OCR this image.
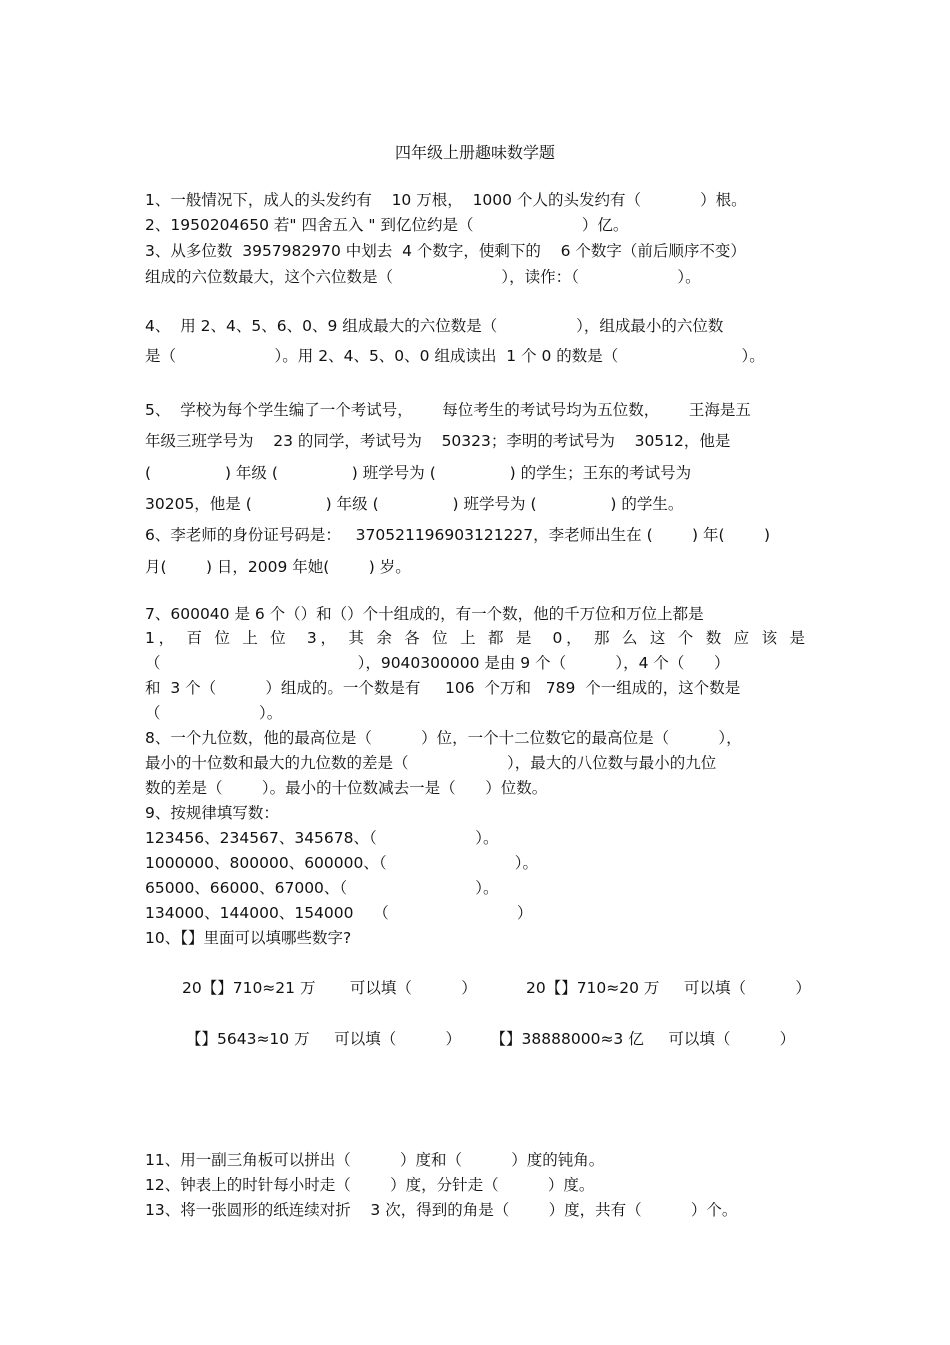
四年级上册趣味数学题
1、一般情况下，成人的头发约有    10 万根，  1000 个人的头发约有（            ）根。
2、1950204650 若" 四舍五入 " 到亿位约是（                      ）亿。
3、从多位数  3957982970 中划去  4 个数字，使剩下的    6 个数字（前后顺序不变）
组成的六位数最大，这个六位数是（                      ），读作：（                    ）。
4、  用 2、4、5、6、0、9 组成最大的六位数是（                ），组成最小的六位数
是（                    ）。用 2、4、5、0、0 组成读出  1 个 0 的数是（                         ）。
5、  学校为每个学生编了一个考试号，      每位考生的考试号均为五位数，      王海是五
年级三班学号为    23 的同学，考试号为    50323；李明的考试号为    30512，他是
(               ) 年级 (               ) 班学号为 (               ) 的学生；王东的考试号为
30205，他是 (               ) 年级 (               ) 班学号为 (               ) 的学生。
6、李老师的身份证号码是：   370521196903121227，李老师出生在 (        ) 年(        )
月(        ) 日，2009 年她(        ) 岁。
7、600040 是 6 个（）和（）个十组成的，有一个数，他的千万位和万位上都是
1， 百 位 上 位  3， 其 余 各 位 上 都 是  0， 那 么 这 个 数 应 该 是
（                                        ），9040300000 是由 9 个（          ），4 个（      ）
和  3 个（          ）组成的。一个数是有     106  个万和   789  个一组成的，这个数是
（                    ）。
8、一个九位数，他的最高位是（          ）位，一个十二位数它的最高位是（          ），
最小的十位数和最大的九位数的差是（                    ），最大的八位数与最小的九位
数的差是（        ）。最小的十位数减去一是（      ）位数。
9、按规律填写数：
123456、234567、345678、（                    ）。
1000000、800000、600000、（                          ）。
65000、66000、67000、（                          ）。
134000、144000、154000    （                          ）
10、【】里面可以填哪些数字?
20【】710≈21 万       可以填（          ）          20【】710≈20 万     可以填（          ）
【】5643≈10 万     可以填（          ）      【】38888000≈3 亿     可以填（          ）
11、用一副三角板可以拼出（          ）度和（          ）度的钝角。
12、钟表上的时针每小时走（        ）度，分针走（          ）度。
13、将一张圆形的纸连续对折    3 次，得到的角是（        ）度，共有（          ）个。
